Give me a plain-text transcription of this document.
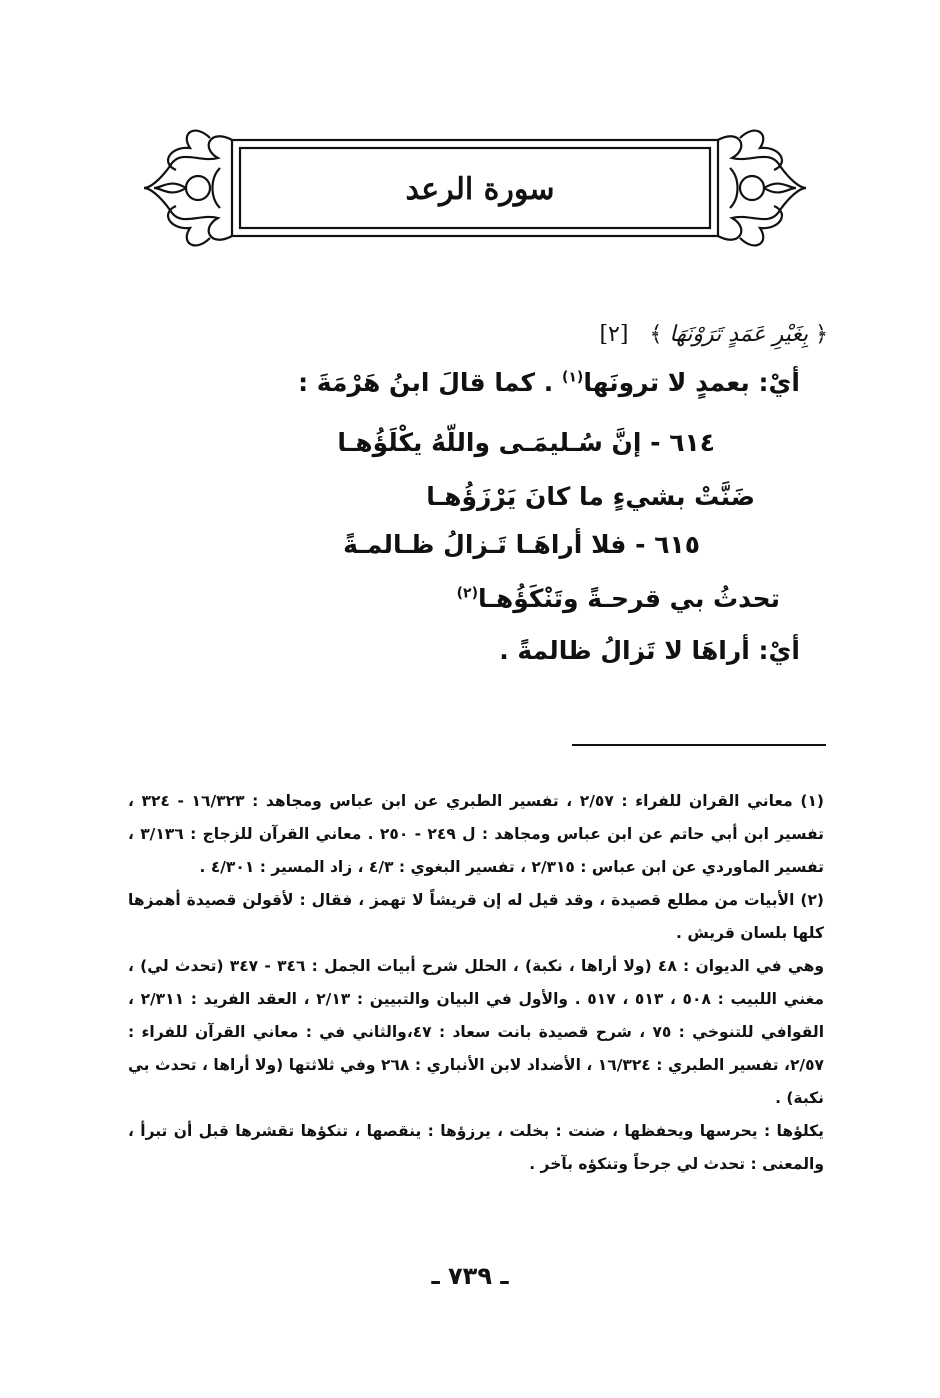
سورة الرعد
﴿ بِغَيْرِ عَمَدٍ تَرَوْنَهَا ﴾ [٢]
أيْ: بعمدٍ لا ترونَها$^{(١)}$ . كما قالَ ابنُ هَرْمَةَ :
٦١٤ - إنَّ سُـليمَـى واللّهُ يكْلَؤُهـا
ضَنَّتْ بشيءٍ ما كانَ يَرْزَؤُهـا
٦١٥ - فلا أراهَـا تَـزالُ ظـالمـةً
تحدثُ بي قرحـةً وتَنْكَؤُهـا$^{(٢)}$
أيْ: أراهَا لا تَزالُ ظالمةً .

(١) معاني القران للفراء : ٢/٥٧ ، تفسير الطبري عن ابن عباس ومجاهد : ١٦/٣٢٣ - ٣٢٤ ، تفسير ابن أبي حاتم عن ابن عباس ومجاهد : ل ٢٤٩ - ٢٥٠ . معاني القرآن للزجاج : ٣/١٣٦ ، تفسير الماوردي عن ابن عباس : ٢/٣١٥ ، تفسير البغوي : ٤/٣ ، زاد المسير : ٤/٣٠١ .

(٢) الأبيات من مطلع قصيدة ، وقد قيل له إن قريشاً لا تهمز ، فقال : لأقولن قصيدة أهمزها كلها بلسان قريش .

وهي في الديوان : ٤٨ (ولا أراها ، نكبة) ، الحلل شرح أبيات الجمل : ٣٤٦ - ٣٤٧ (تحدث لي) ، مغني اللبيب : ٥٠٨ ، ٥١٣ ، ٥١٧ . والأول في البيان والتبيين : ٢/١٣ ، العقد الفريد : ٢/٣١١ ، القوافي للتنوخي : ٧٥ ، شرح قصيدة بانت سعاد : ٤٧،والثاني في : معاني القرآن للفراء : ٢/٥٧، تفسير الطبري : ١٦/٣٢٤ ، الأضداد لابن الأنباري : ٢٦٨ وفي ثلاثتها (ولا أراها ، تحدث بي نكبة) .

يكلؤها : يحرسها ويحفظها ، ضنت : بخلت ، يرزؤها : ينقصها ، تنكؤها تقشرها قبل أن تبرأ ، والمعنى : تحدث لي جرحاً وتنكؤه بآخر .

ـ ٧٣٩ ـ
